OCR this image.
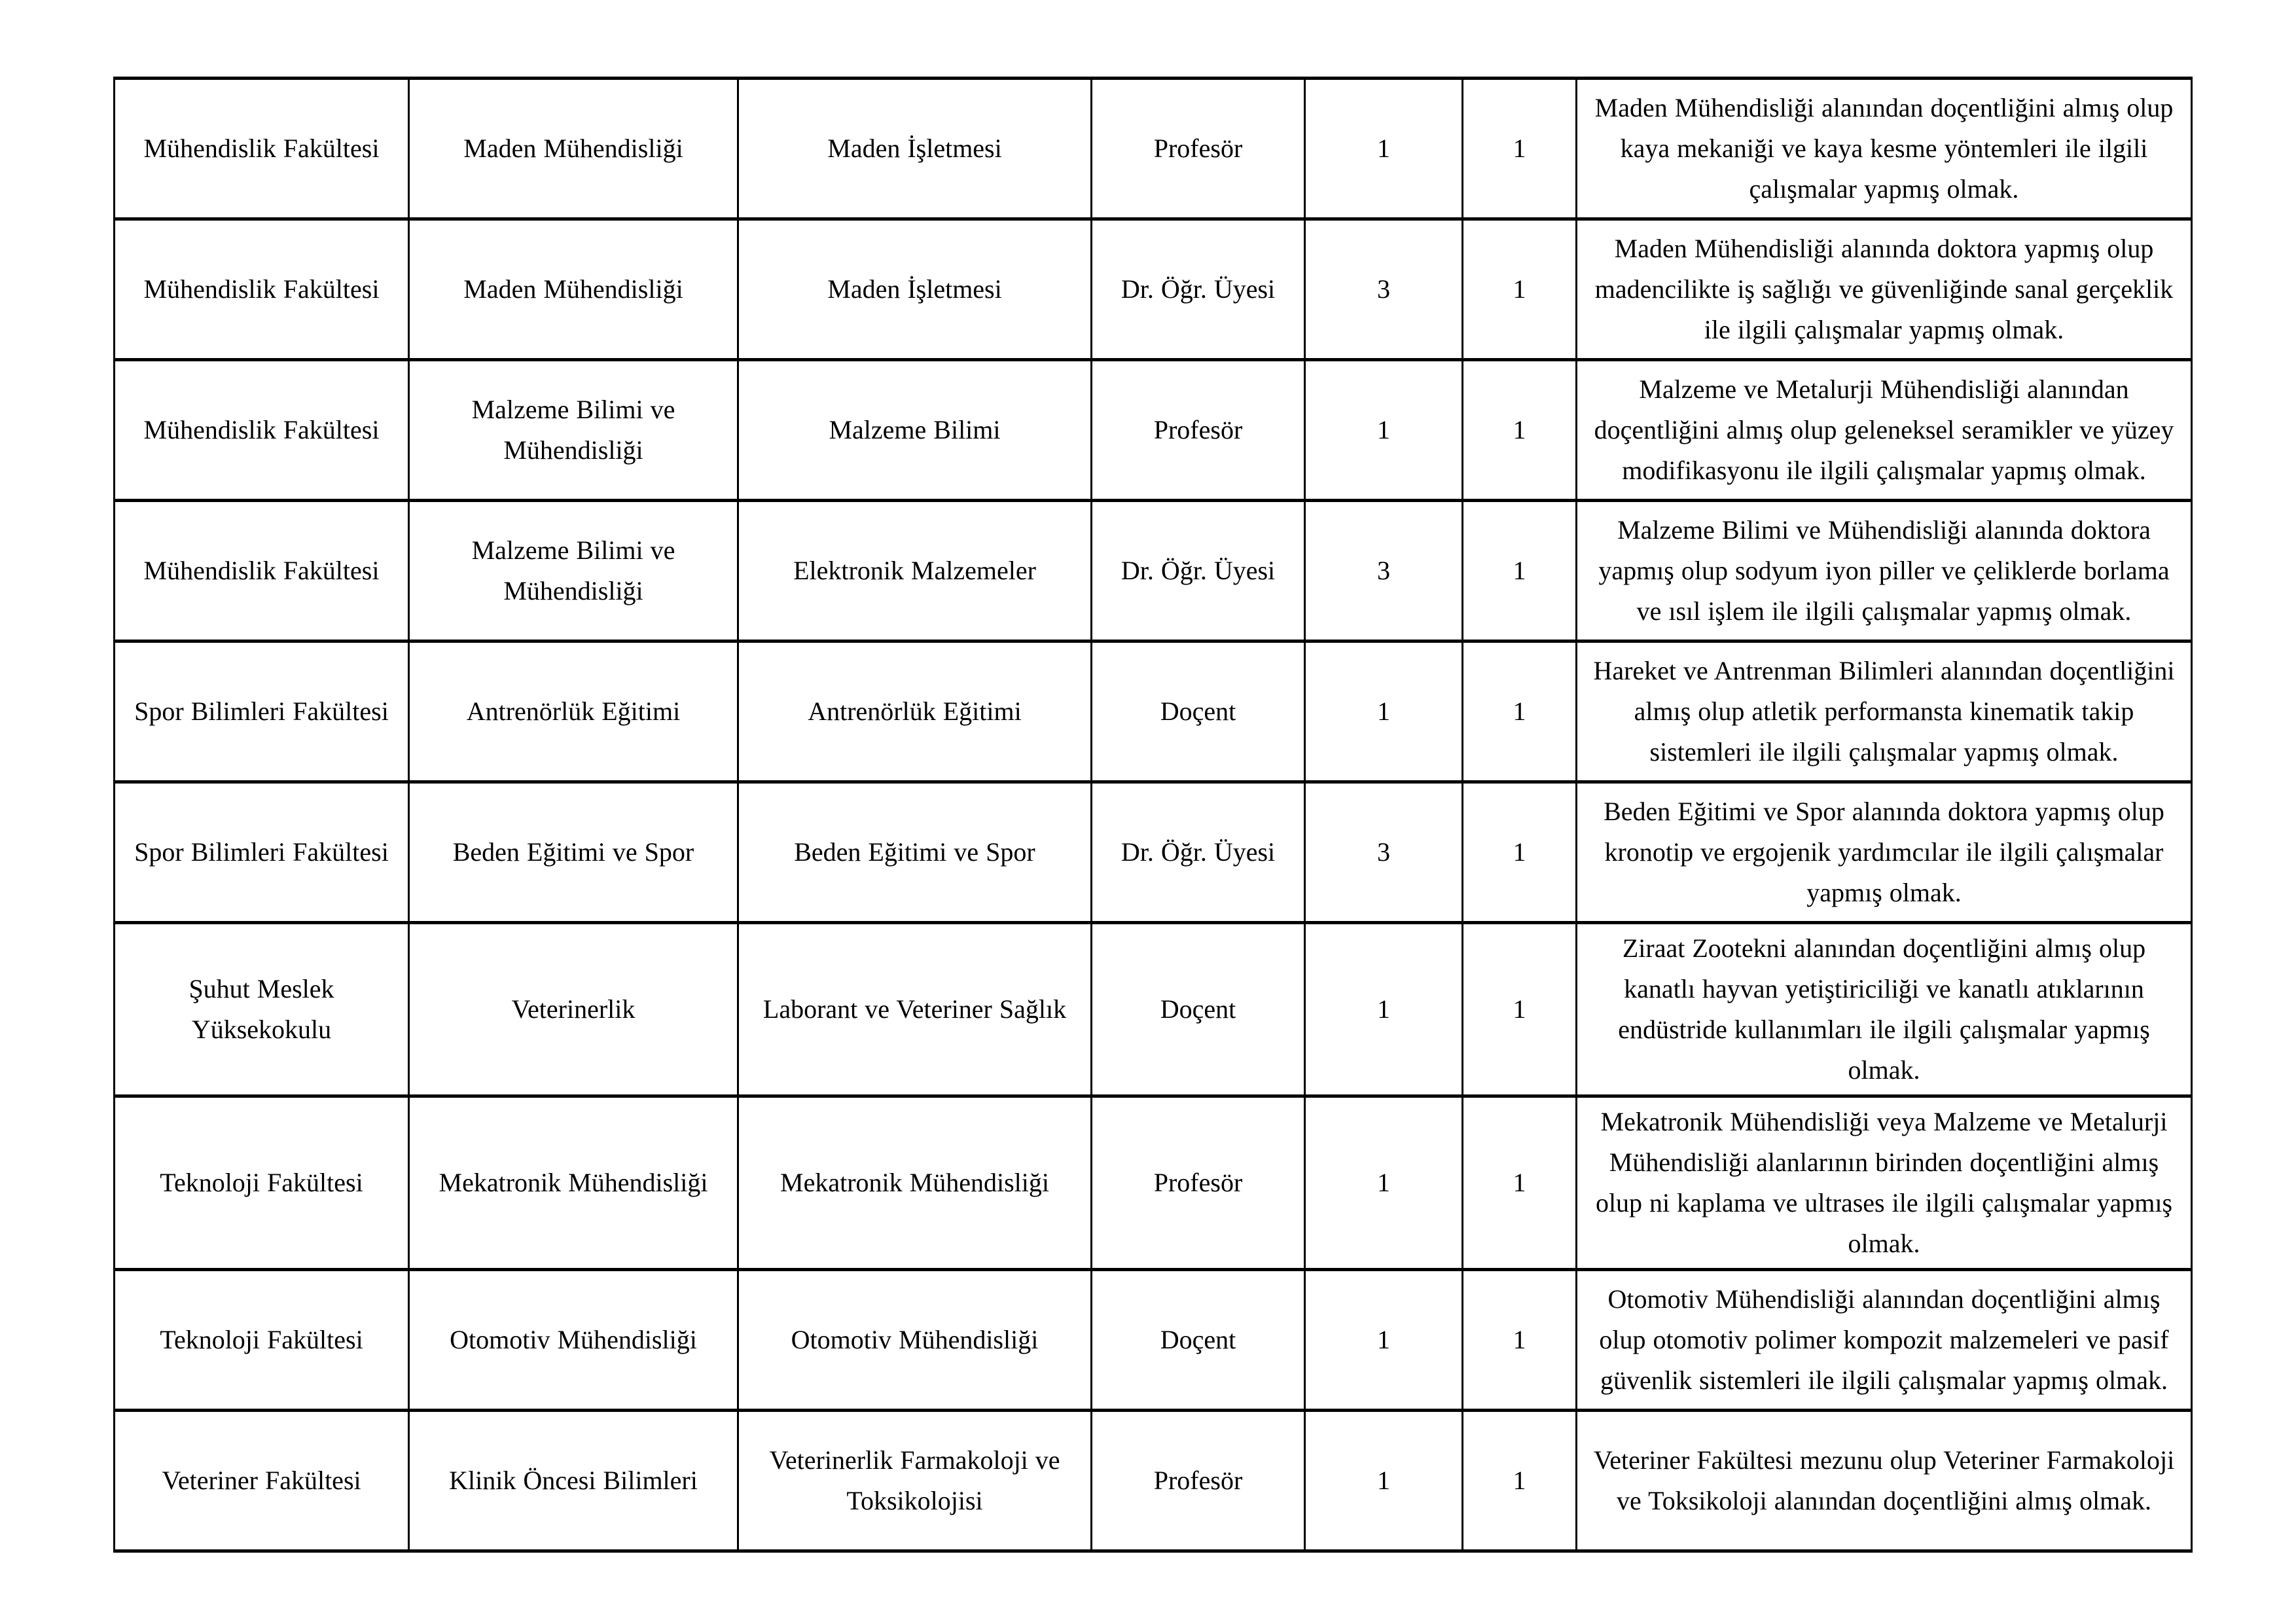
Mühendislik Fakültesi	Maden Mühendisliği	Maden İşletmesi	Profesör	1	1	Maden Mühendisliği alanından doçentliğini almış olup kaya mekaniği ve kaya kesme yöntemleri ile ilgili çalışmalar yapmış olmak.
Mühendislik Fakültesi	Maden Mühendisliği	Maden İşletmesi	Dr. Öğr. Üyesi	3	1	Maden Mühendisliği alanında doktora yapmış olup madencilikte iş sağlığı ve güvenliğinde sanal gerçeklik ile ilgili çalışmalar yapmış olmak.
Mühendislik Fakültesi	Malzeme Bilimi ve Mühendisliği	Malzeme Bilimi	Profesör	1	1	Malzeme ve Metalurji Mühendisliği alanından doçentliğini almış olup geleneksel seramikler ve yüzey modifikasyonu ile ilgili çalışmalar yapmış olmak.
Mühendislik Fakültesi	Malzeme Bilimi ve Mühendisliği	Elektronik Malzemeler	Dr. Öğr. Üyesi	3	1	Malzeme Bilimi ve Mühendisliği alanında doktora yapmış olup sodyum iyon piller ve çeliklerde borlama ve ısıl işlem ile ilgili çalışmalar yapmış olmak.
Spor Bilimleri Fakültesi	Antrenörlük Eğitimi	Antrenörlük Eğitimi	Doçent	1	1	Hareket ve Antrenman Bilimleri alanından doçentliğini almış olup atletik performansta kinematik takip sistemleri ile ilgili çalışmalar yapmış olmak.
Spor Bilimleri Fakültesi	Beden Eğitimi ve Spor	Beden Eğitimi ve Spor	Dr. Öğr. Üyesi	3	1	Beden Eğitimi ve Spor alanında doktora yapmış olup kronotip ve ergojenik yardımcılar ile ilgili çalışmalar yapmış olmak.
Şuhut Meslek Yüksekokulu	Veterinerlik	Laborant ve Veteriner Sağlık	Doçent	1	1	Ziraat Zootekni alanından doçentliğini almış olup kanatlı hayvan yetiştiriciliği ve kanatlı atıklarının endüstride kullanımları ile ilgili çalışmalar yapmış olmak.
Teknoloji Fakültesi	Mekatronik Mühendisliği	Mekatronik Mühendisliği	Profesör	1	1	Mekatronik Mühendisliği veya Malzeme ve Metalurji Mühendisliği alanlarının birinden doçentliğini almış olup ni kaplama ve ultrases ile ilgili çalışmalar yapmış olmak.
Teknoloji Fakültesi	Otomotiv Mühendisliği	Otomotiv Mühendisliği	Doçent	1	1	Otomotiv Mühendisliği alanından doçentliğini almış olup otomotiv polimer kompozit malzemeleri ve pasif güvenlik sistemleri ile ilgili çalışmalar yapmış olmak.
Veteriner Fakültesi	Klinik Öncesi Bilimleri	Veterinerlik Farmakoloji ve Toksikolojisi	Profesör	1	1	Veteriner Fakültesi mezunu olup Veteriner Farmakoloji ve Toksikoloji alanından doçentliğini almış olmak.
